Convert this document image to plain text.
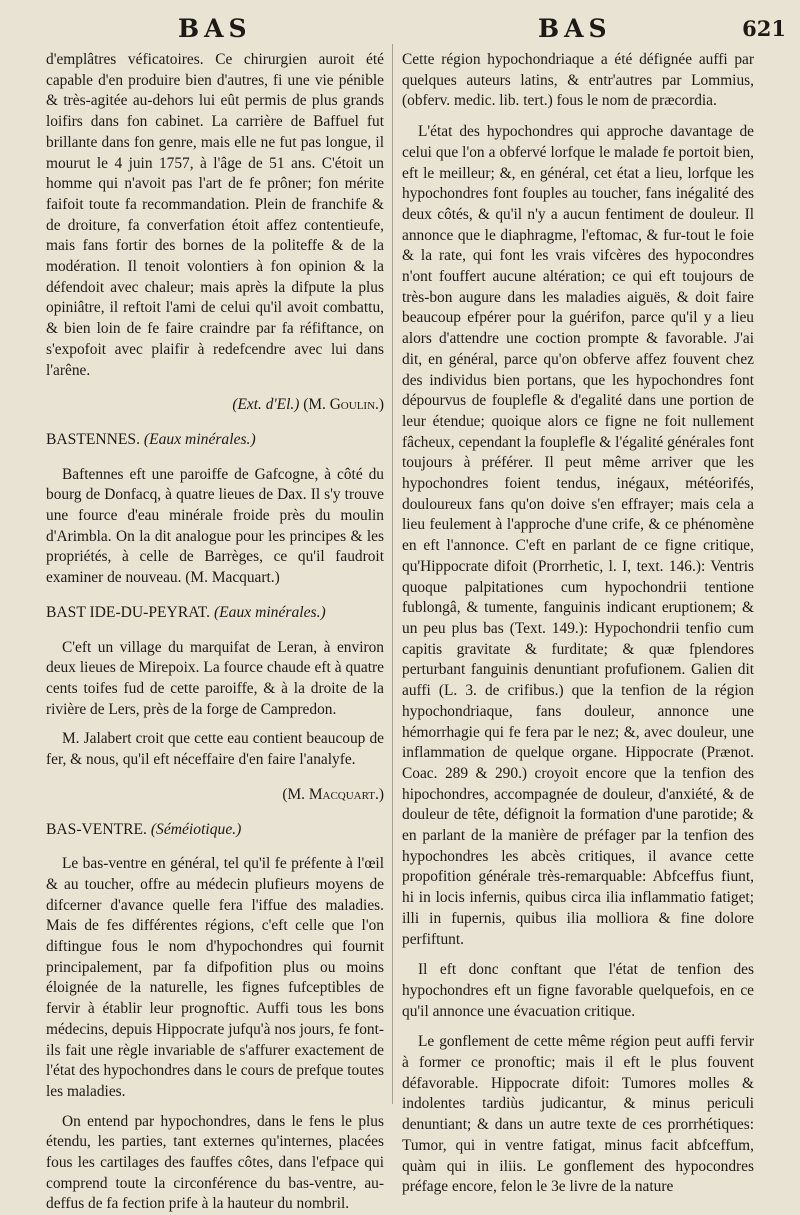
BAS	BAS	621

d'emplâtres véficatoires. Ce chirurgien auroit été capable d'en produire bien d'autres, fi une vie pénible & très-agitée au-dehors lui eût permis de plus grands loifirs dans fon cabinet. La carrière de Baffuel fut brillante dans fon genre, mais elle ne fut pas longue, il mourut le 4 juin 1757, à l'âge de 51 ans. C'étoit un homme qui n'avoit pas l'art de fe prôner; fon mérite faifoit toute fa recommandation. Plein de franchife & de droiture, fa converfation étoit affez contentieufe, mais fans fortir des bornes de la politeffe & de la modération. Il tenoit volontiers à fon opinion & la défendoit avec chaleur; mais après la difpute la plus opiniâtre, il reftoit l'ami de celui qu'il avoit combattu, & bien loin de fe faire craindre par fa réfiftance, on s'expofoit avec plaifir à redefcendre avec lui dans l'arêne.

(Ext. d'El.) (M. Goulin.)
BASTENNES. (Eaux minérales.)

Baftennes eft une paroiffe de Gafcogne, à côté du bourg de Donfacq, à quatre lieues de Dax. Il s'y trouve une fource d'eau minérale froide près du moulin d'Arimbla. On la dit analogue pour les principes & les propriétés, à celle de Barrèges, ce qu'il faudroit examiner de nouveau. (M. Macquart.)

BAST IDE-DU-PEYRAT. (Eaux minérales.)

C'eft un village du marquifat de Leran, à environ deux lieues de Mirepoix. La fource chaude eft à quatre cents toifes fud de cette paroiffe, & à la droite de la rivière de Lers, près de la forge de Campredon.

M. Jalabert croit que cette eau contient beaucoup de fer, & nous, qu'il eft néceffaire d'en faire l'analyfe.

(M. Macquart.)
BAS-VENTRE. (Séméiotique.)

Le bas-ventre en général, tel qu'il fe préfente à l'œil & au toucher, offre au médecin plufieurs moyens de difcerner d'avance quelle fera l'iffue des maladies. Mais de fes différentes régions, c'eft celle que l'on diftingue fous le nom d'hypochondres qui fournit principalement, par fa difpofition plus ou moins éloignée de la naturelle, les fignes fufceptibles de fervir à établir leur prognoftic. Auffi tous les bons médecins, depuis Hippocrate jufqu'à nos jours, fe font-ils fait une règle invariable de s'affurer exactement de l'état des hypochondres dans le cours de prefque toutes les maladies.

On entend par hypochondres, dans le fens le plus étendu, les parties, tant externes qu'internes, placées fous les cartilages des fauffes côtes, dans l'efpace qui comprend toute la circonférence du bas-ventre, au-deffus de fa fection prife à la hauteur du nombril.

Cette région hypochondriaque a été défignée auffi par quelques auteurs latins, & entr'autres par Lommius, (obferv. medic. lib. tert.) fous le nom de præcordia.

L'état des hypochondres qui approche davantage de celui que l'on a obfervé lorfque le malade fe portoit bien, eft le meilleur; &, en général, cet état a lieu, lorfque les hypochondres font fouples au toucher, fans inégalité des deux côtés, & qu'il n'y a aucun fentiment de douleur. Il annonce que le diaphragme, l'eftomac, & fur-tout le foie & la rate, qui font les vrais vifcères des hypocondres n'ont fouffert aucune altération; ce qui eft toujours de très-bon augure dans les maladies aiguës, & doit faire beaucoup efpérer pour la guérifon, parce qu'il y a lieu alors d'attendre une coction prompte & favorable. J'ai dit, en général, parce qu'on obferve affez fouvent chez des individus bien portans, que les hypochondres font dépourvus de fouplefle & d'egalité dans une portion de leur étendue; quoique alors ce figne ne foit nullement fâcheux, cependant la fouplefle & l'égalité générales font toujours à préférer. Il peut même arriver que les hypochondres foient tendus, inégaux, météorifés, douloureux fans qu'on doive s'en effrayer; mais cela a lieu feulement à l'approche d'une crife, & ce phénomène en eft l'annonce. C'eft en parlant de ce figne critique, qu'Hippocrate difoit (Prorrhetic, l. I, text. 146.): Ventris quoque palpitationes cum hypochondrii tentione fublongâ, & tumente, fanguinis indicant eruptionem; & un peu plus bas (Text. 149.): Hypochondrii tenfio cum capitis gravitate & furditate; & quæ fplendores perturbant fanguinis denuntiant profufionem. Galien dit auffi (L. 3. de crifibus.) que la tenfion de la région hypochondriaque, fans douleur, annonce une hémorrhagie qui fe fera par le nez; &, avec douleur, une inflammation de quelque organe. Hippocrate (Prænot. Coac. 289 & 290.) croyoit encore que la tenfion des hipochondres, accompagnée de douleur, d'anxiété, & de douleur de tête, défignoit la formation d'une parotide; & en parlant de la manière de préfager par la tenfion des hypochondres les abcès critiques, il avance cette propofition générale très-remarquable: Abfceffus fiunt, hi in locis infernis, quibus circa ilia inflammatio fatiget; illi in fupernis, quibus ilia molliora & fine dolore perfiftunt.

Il eft donc conftant que l'état de tenfion des hypochondres eft un figne favorable quelquefois, en ce qu'il annonce une évacuation critique.

Le gonflement de cette même région peut auffi fervir à former ce pronoftic; mais il eft le plus fouvent défavorable. Hippocrate difoit: Tumores molles & indolentes tardiùs judicantur, & minus periculi denuntiant; & dans un autre texte de ces prorrhétiques: Tumor, qui in ventre fatigat, minus facit abfceffum, quàm qui in iliis. Le gonflement des hypocondres préfage encore, felon le 3e livre de la nature
